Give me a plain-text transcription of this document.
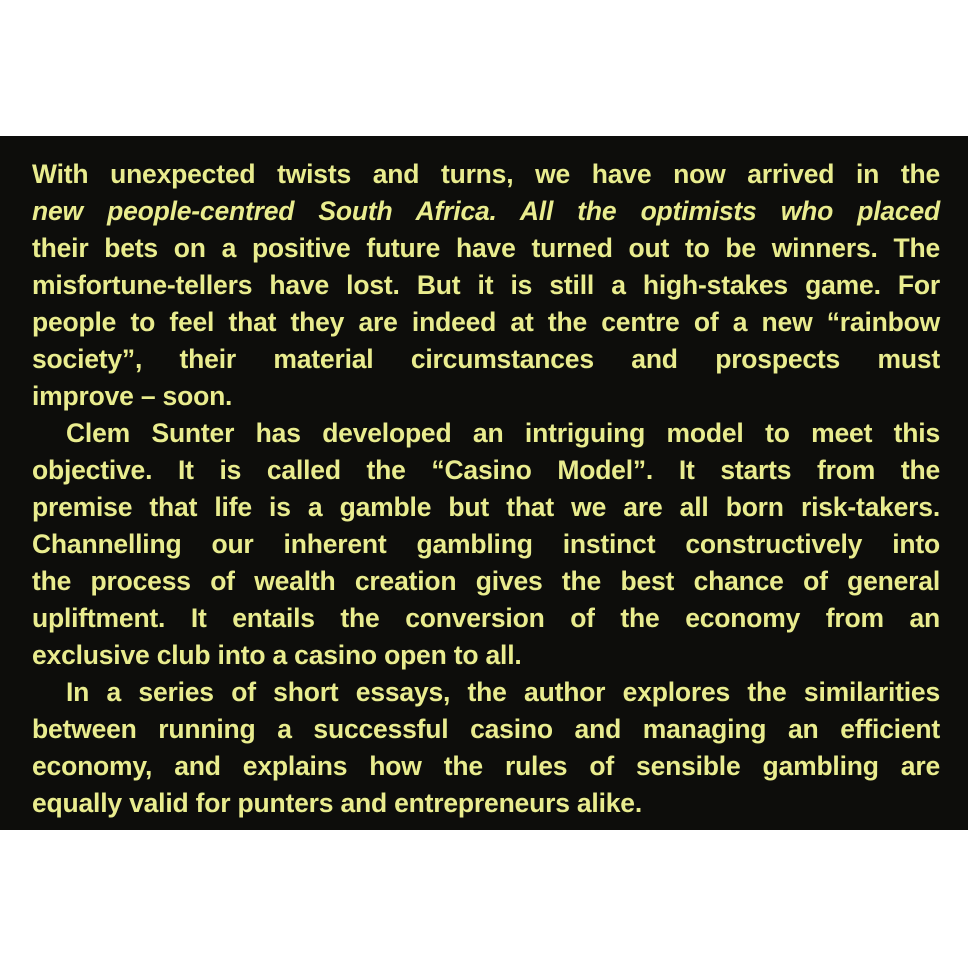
With unexpected twists and turns, we have now arrived in the
new people-centred South Africa. All the optimists who placed
their bets on a positive future have turned out to be winners. The
misfortune-tellers have lost. But it is still a high-stakes game. For
people to feel that they are indeed at the centre of a new “rainbow
society”, their material circumstances and prospects must
improve – soon.

Clem Sunter has developed an intriguing model to meet this
objective. It is called the “Casino Model”. It starts from the
premise that life is a gamble but that we are all born risk-takers.
Channelling our inherent gambling instinct constructively into
the process of wealth creation gives the best chance of general
upliftment. It entails the conversion of the economy from an
exclusive club into a casino open to all.

In a series of short essays, the author explores the similarities
between running a successful casino and managing an efficient
economy, and explains how the rules of sensible gambling are
equally valid for punters and entrepreneurs alike.
